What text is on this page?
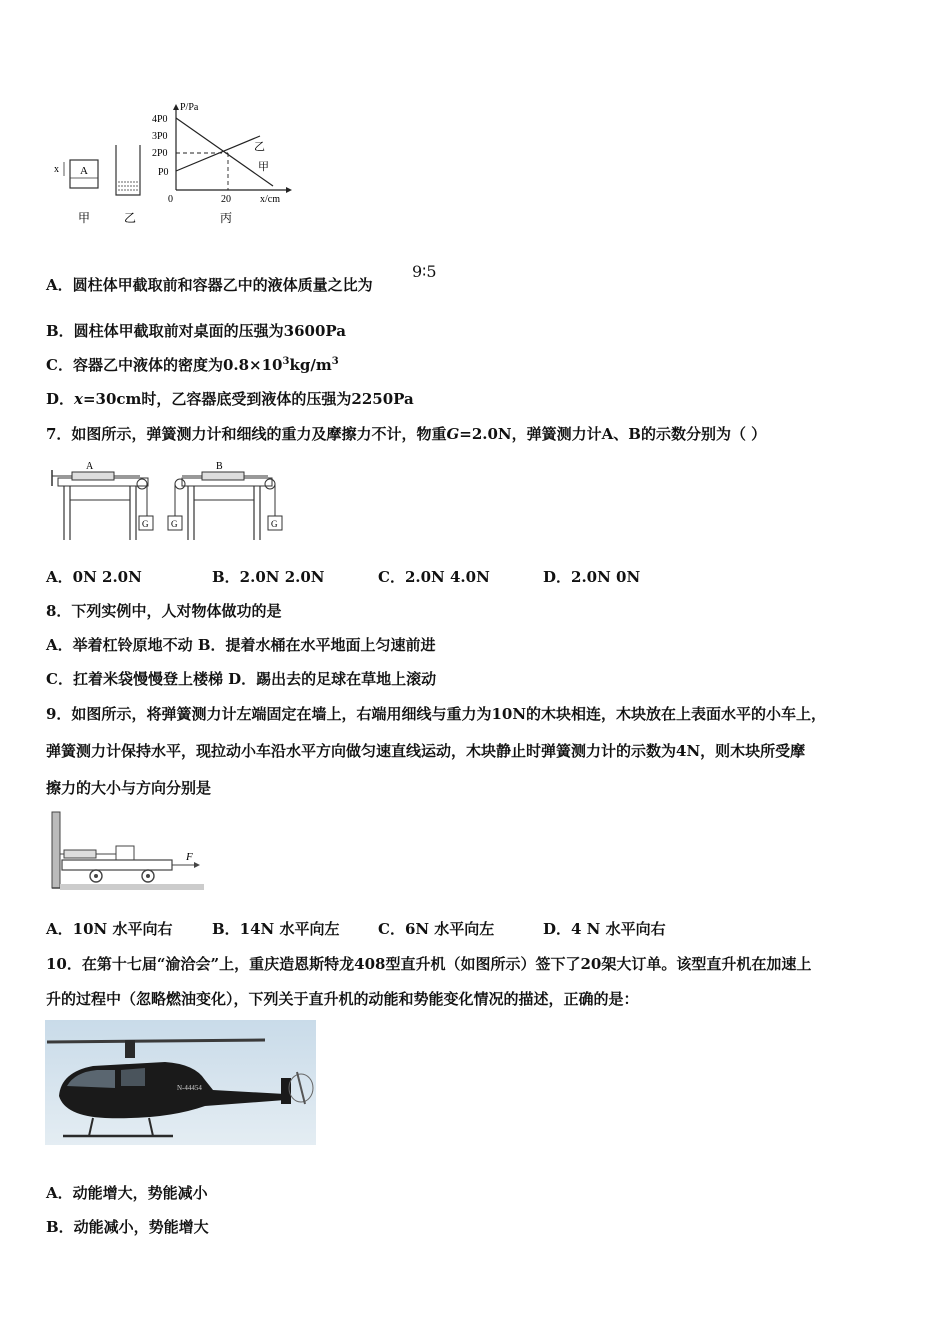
A
x
P/Pa
4P0
3P0
2P0
P0
乙
甲
0	20	x/cm
甲	乙	丙
A．圆柱体甲截取前和容器乙中的液体质量之比为
9∶5
B．圆柱体甲截取前对桌面的压强为3600Pa
C．容器乙中液体的密度为$0.8\times 10^3kg/m^3$
D．x=30cm时，乙容器底受到液体的压强为2250Pa
7．如图所示，弹簧测力计和细线的重力及摩擦力不计，物重G=2.0N，弹簧测力计A、B的示数分别为（ ）
A
G	G
B
G
A．0N 2.0N	B．2.0N 2.0N	C．2.0N 4.0N	D．2.0N 0N
8．下列实例中，人对物体做功的是
A．举着杠铃原地不动 B．提着水桶在水平地面上匀速前进
C．扛着米袋慢慢登上楼梯 D．踢出去的足球在草地上滚动
9．如图所示，将弹簧测力计左端固定在墙上，右端用细线与重力为10N的木块相连，木块放在上表面水平的小车上，
弹簧测力计保持水平，现拉动小车沿水平方向做匀速直线运动，木块静止时弹簧测力计的示数为4N，则木块所受摩
擦力的大小与方向分别是
F
A．10N 水平向右	B．14N 水平向左	C．6N 水平向左	D．4 N 水平向右
10．在第十七届“渝洽会”上，重庆造恩斯特龙408型直升机（如图所示）签下了20架大订单。该型直升机在加速上
升的过程中（忽略燃油变化），下列关于直升机的动能和势能变化情况的描述，正确的是：
N-44454
A．动能增大，势能减小
B．动能减小，势能增大
